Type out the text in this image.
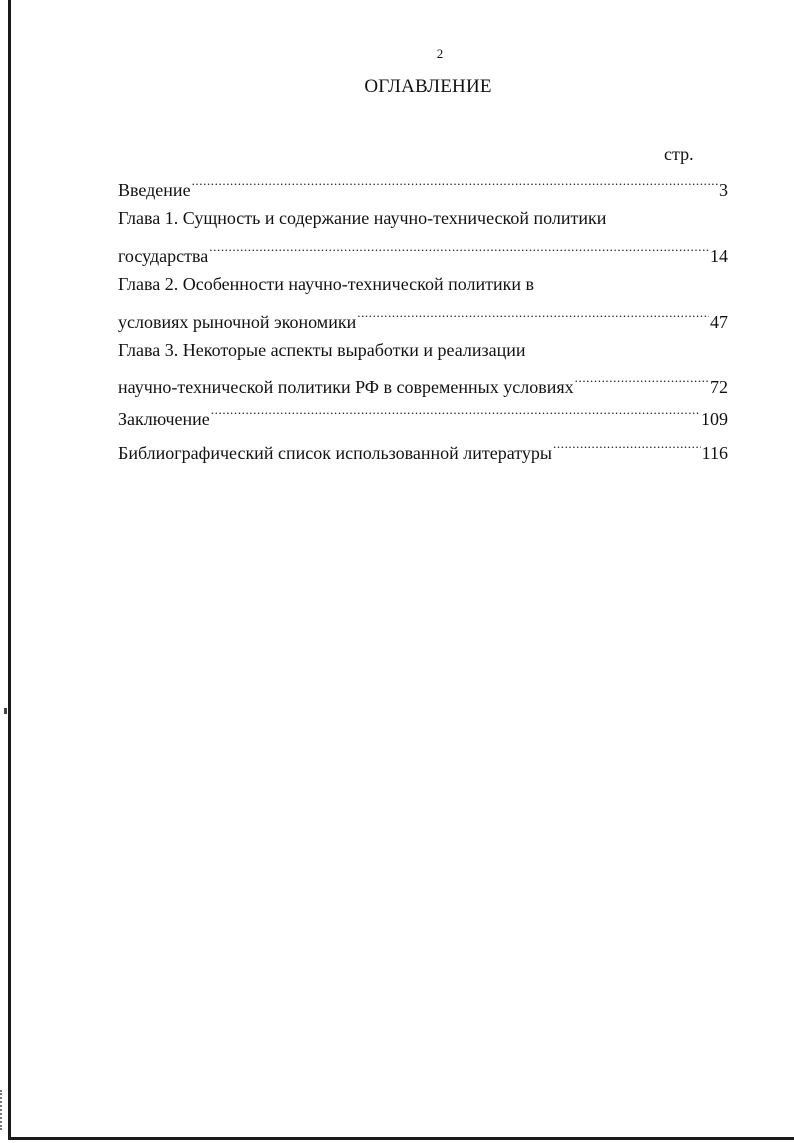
2
ОГЛАВЛЕНИЕ
стр.
Введение .....	3
Глава 1. Сущность и содержание научно-технической политики
государства .....	14
Глава 2. Особенности научно-технической политики в
условиях рыночной экономики .....	47
Глава 3. Некоторые аспекты выработки и реализации
научно-технической политики РФ в современных условиях .....	72
Заключение .....	109
Библиографический список использованной литературы .....	116
